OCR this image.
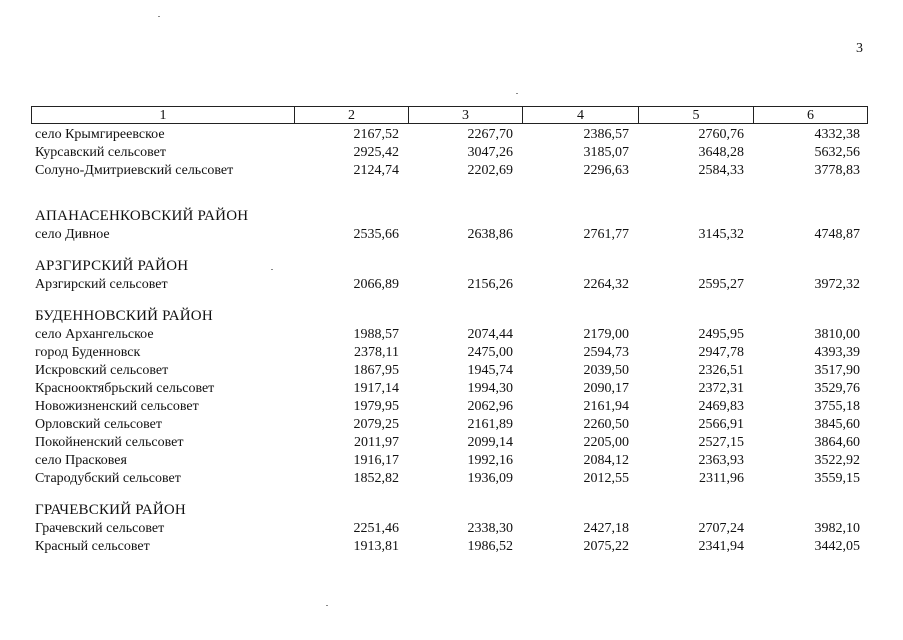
3
1	2	3	4	5	6
село Крымгиреевское	2167,52	2267,70	2386,57	2760,76	4332,38
Курсавский сельсовет	2925,42	3047,26	3185,07	3648,28	5632,56
Солуно-Дмитриевский сельсовет	2124,74	2202,69	2296,63	2584,33	3778,83
АПАНАСЕНКОВСКИЙ РАЙОН
село Дивное	2535,66	2638,86	2761,77	3145,32	4748,87
АРЗГИРСКИЙ РАЙОН
Арзгирский сельсовет	2066,89	2156,26	2264,32	2595,27	3972,32
БУДЕННОВСКИЙ РАЙОН
село Архангельское	1988,57	2074,44	2179,00	2495,95	3810,00
город Буденновск	2378,11	2475,00	2594,73	2947,78	4393,39
Искровский сельсовет	1867,95	1945,74	2039,50	2326,51	3517,90
Краснооктябрьский сельсовет	1917,14	1994,30	2090,17	2372,31	3529,76
Новожизненский сельсовет	1979,95	2062,96	2161,94	2469,83	3755,18
Орловский сельсовет	2079,25	2161,89	2260,50	2566,91	3845,60
Покойненский сельсовет	2011,97	2099,14	2205,00	2527,15	3864,60
село Прасковея	1916,17	1992,16	2084,12	2363,93	3522,92
Стародубский сельсовет	1852,82	1936,09	2012,55	2311,96	3559,15
ГРАЧЕВСКИЙ РАЙОН
Грачевский сельсовет	2251,46	2338,30	2427,18	2707,24	3982,10
Красный сельсовет	1913,81	1986,52	2075,22	2341,94	3442,05
